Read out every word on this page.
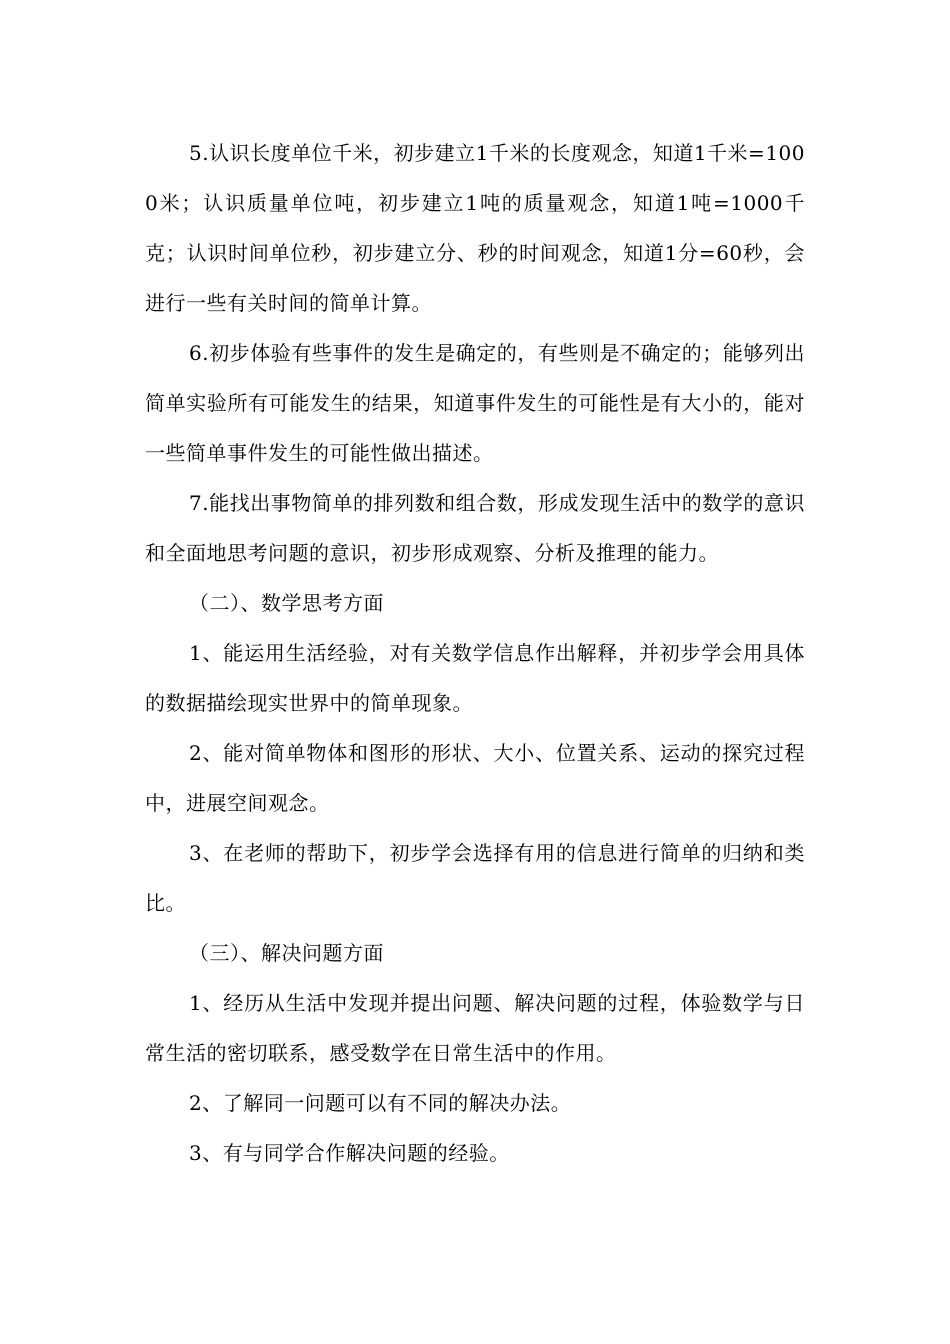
5.认识长度单位千米，初步建立1千米的长度观念，知道1千米=1000米；认识质量单位吨，初步建立1吨的质量观念，知道1吨=1000千克；认识时间单位秒，初步建立分、秒的时间观念，知道1分=60秒，会进行一些有关时间的简单计算。

6.初步体验有些事件的发生是确定的，有些则是不确定的；能够列出简单实验所有可能发生的结果，知道事件发生的可能性是有大小的，能对一些简单事件发生的可能性做出描述。

7.能找出事物简单的排列数和组合数，形成发现生活中的数学的意识和全面地思考问题的意识，初步形成观察、分析及推理的能力。

（二）、数学思考方面

1、能运用生活经验，对有关数学信息作出解释，并初步学会用具体的数据描绘现实世界中的简单现象。

2、能对简单物体和图形的形状、大小、位置关系、运动的探究过程中，进展空间观念。

3、在老师的帮助下，初步学会选择有用的信息进行简单的归纳和类比。

（三）、解决问题方面

1、经历从生活中发现并提出问题、解决问题的过程，体验数学与日常生活的密切联系，感受数学在日常生活中的作用。

2、了解同一问题可以有不同的解决办法。

3、有与同学合作解决问题的经验。
